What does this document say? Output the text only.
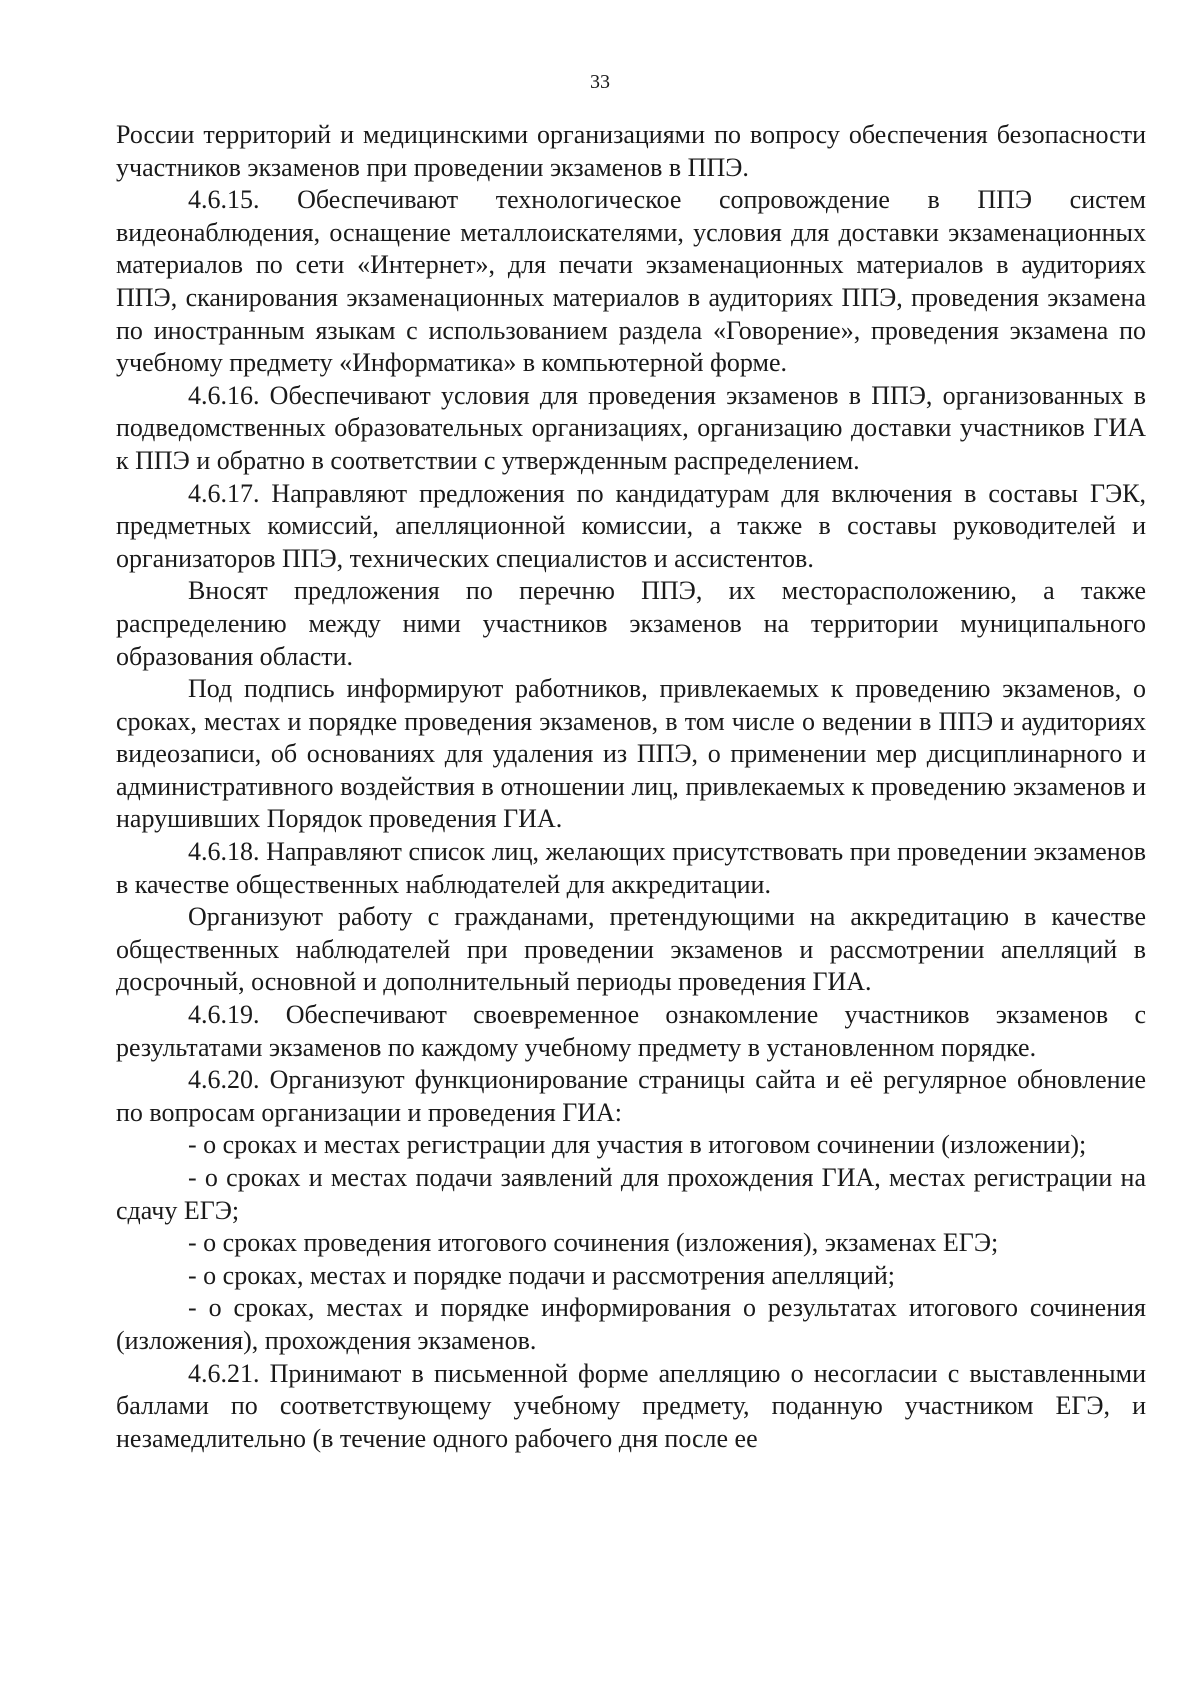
33

России территорий и медицинскими организациями по вопросу обеспечения безопасности участников экзаменов при проведении экзаменов в ППЭ.

4.6.15. Обеспечивают технологическое сопровождение в ППЭ систем видеонаблюдения, оснащение металлоискателями, условия для доставки экзаменационных материалов по сети «Интернет», для печати экзаменационных материалов в аудиториях ППЭ, сканирования экзаменационных материалов в аудиториях ППЭ, проведения экзамена по иностранным языкам с использованием раздела «Говорение», проведения экзамена по учебному предмету «Информатика» в компьютерной форме.

4.6.16. Обеспечивают условия для проведения экзаменов в ППЭ, организованных в подведомственных образовательных организациях, организацию доставки участников ГИА к ППЭ и обратно в соответствии с утвержденным распределением.

4.6.17. Направляют предложения по кандидатурам для включения в составы ГЭК, предметных комиссий, апелляционной комиссии, а также в составы руководителей и организаторов ППЭ, технических специалистов и ассистентов.

Вносят предложения по перечню ППЭ, их месторасположению, а также распределению между ними участников экзаменов на территории муниципального образования области.

Под подпись информируют работников, привлекаемых к проведению экзаменов, о сроках, местах и порядке проведения экзаменов, в том числе о ведении в ППЭ и аудиториях видеозаписи, об основаниях для удаления из ППЭ, о применении мер дисциплинарного и административного воздействия в отношении лиц, привлекаемых к проведению экзаменов и нарушивших Порядок проведения ГИА.

4.6.18. Направляют список лиц, желающих присутствовать при проведении экзаменов в качестве общественных наблюдателей для аккредитации.

Организуют работу с гражданами, претендующими на аккредитацию в качестве общественных наблюдателей при проведении экзаменов и рассмотрении апелляций в досрочный, основной и дополнительный периоды проведения ГИА.

4.6.19. Обеспечивают своевременное ознакомление участников экзаменов с результатами экзаменов по каждому учебному предмету в установленном порядке.

4.6.20. Организуют функционирование страницы сайта и её регулярное обновление по вопросам организации и проведения ГИА:

- о сроках и местах регистрации для участия в итоговом сочинении (изложении);

- о сроках и местах подачи заявлений для прохождения ГИА, местах регистрации на сдачу ЕГЭ;

- о сроках проведения итогового сочинения (изложения), экзаменах ЕГЭ;

- о сроках, местах и порядке подачи и рассмотрения апелляций;

- о сроках, местах и порядке информирования о результатах итогового сочинения (изложения), прохождения экзаменов.

4.6.21. Принимают в письменной форме апелляцию о несогласии с выставленными баллами по соответствующему учебному предмету, поданную участником ЕГЭ, и незамедлительно (в течение одного рабочего дня после ее
